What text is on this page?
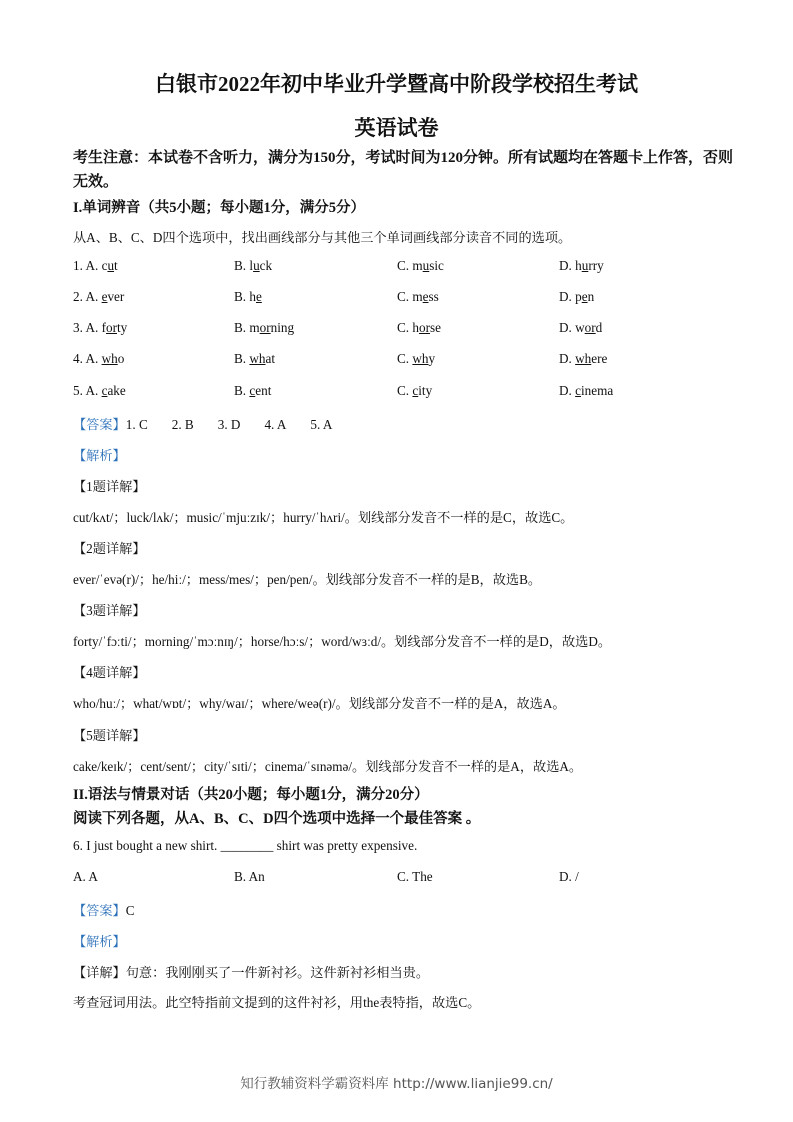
白银市2022年初中毕业升学暨高中阶段学校招生考试
英语试卷
考生注意：本试卷不含听力，满分为150分，考试时间为120分钟。所有试题均在答题卡上作答，否则无效。
I.单词辨音（共5小题；每小题1分，满分5分）
从A、B、C、D四个选项中，找出画线部分与其他三个单词画线部分读音不同的选项。
1. A. cut	B. luck	C. music	D. hurry
2. A. ever	B. he	C. mess	D. pen
3. A. forty	B. morning	C. horse	D. word
4. A. who	B. what	C. why	D. where
5. A. cake	B. cent	C. city	D. cinema
【答案】1. C 2. B 3. D 4. A 5. A
【解析】
【1题详解】
cut/kʌt/；luck/lʌk/；music/ˈmjuːzɪk/；hurry/ˈhʌri/。划线部分发音不一样的是C，故选C。
【2题详解】
ever/ˈevə(r)/；he/hiː/；mess/mes/；pen/pen/。划线部分发音不一样的是B，故选B。
【3题详解】
forty/ˈfɔːti/；morning/ˈmɔːnɪŋ/；horse/hɔːs/；word/wɜːd/。划线部分发音不一样的是D，故选D。
【4题详解】
who/huː/；what/wɒt/；why/waɪ/；where/weə(r)/。划线部分发音不一样的是A，故选A。
【5题详解】
cake/keɪk/；cent/sent/；city/ˈsɪti/；cinema/ˈsɪnəmə/。划线部分发音不一样的是A，故选A。
II.语法与情景对话（共20小题；每小题1分，满分20分）
阅读下列各题，从A、B、C、D四个选项中选择一个最佳答案 。
6. I just bought a new shirt. ________ shirt was pretty expensive.
A. A	B. An	C. The	D. /
【答案】C
【解析】
【详解】句意：我刚刚买了一件新衬衫。这件新衬衫相当贵。
考查冠词用法。此空特指前文提到的这件衬衫，用the表特指，故选C。
知行教辅资料学霸资料库 http://www.lianjie99.cn/
